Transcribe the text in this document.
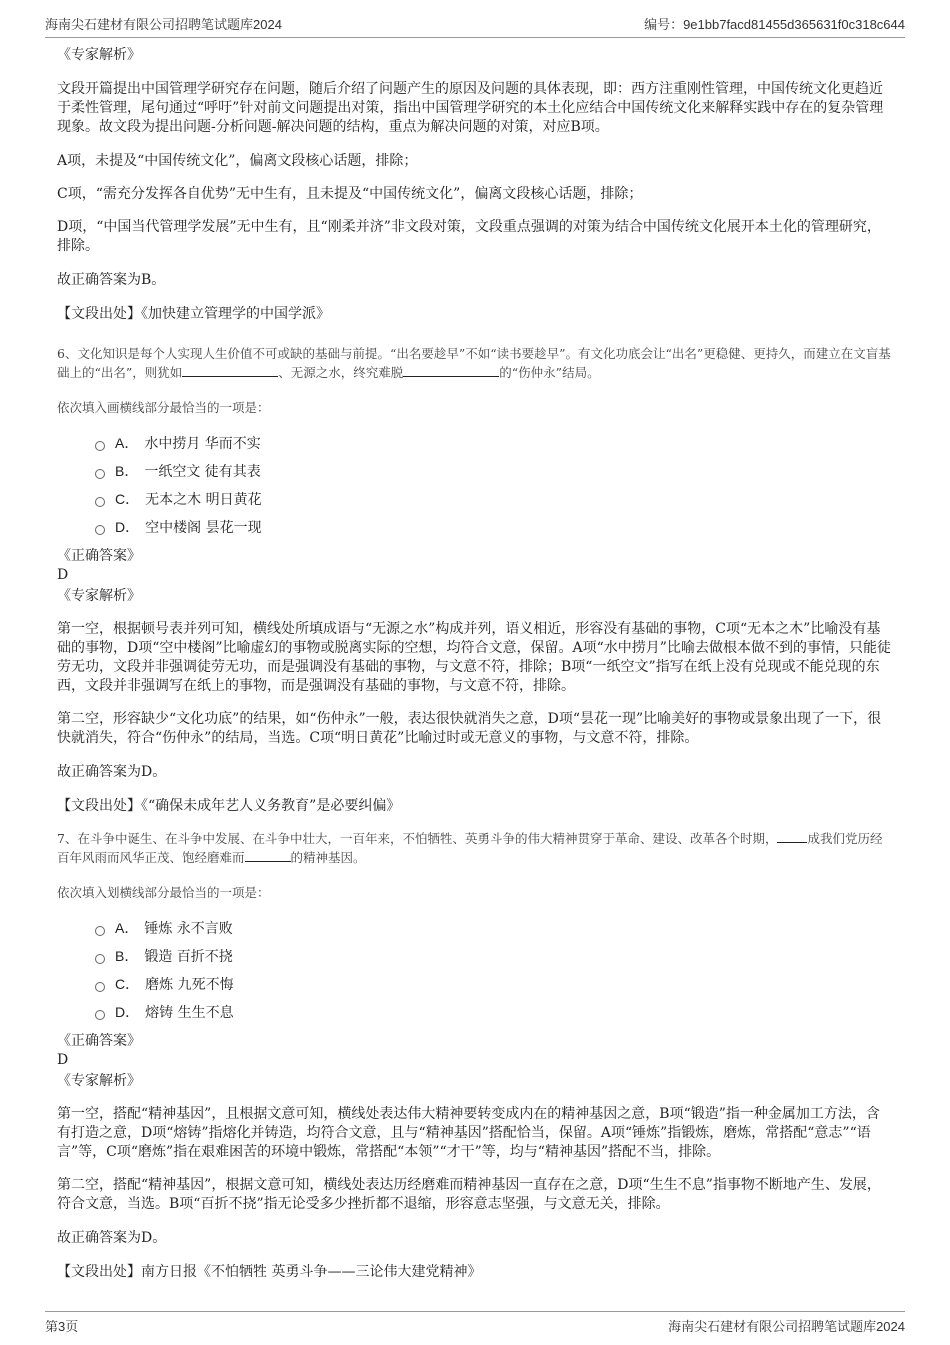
海南尖石建材有限公司招聘笔试题库2024	编号：9e1bb7facd81455d365631f0c318c644

《专家解析》

文段开篇提出中国管理学研究存在问题，随后介绍了问题产生的原因及问题的具体表现，即：西方注重刚性管理，中国传统文化更趋近于柔性管理，尾句通过“呼吁”针对前文问题提出对策，指出中国管理学研究的本土化应结合中国传统文化来解释实践中存在的复杂管理现象。故文段为提出问题-分析问题-解决问题的结构，重点为解决问题的对策，对应B项。

A项，未提及“中国传统文化”，偏离文段核心话题，排除；

C项，“需充分发挥各自优势”无中生有，且未提及“中国传统文化”，偏离文段核心话题，排除；

D项，“中国当代管理学发展”无中生有，且“刚柔并济”非文段对策，文段重点强调的对策为结合中国传统文化展开本土化的管理研究，排除。

故正确答案为B。

【文段出处】《加快建立管理学的中国学派》

6、文化知识是每个人实现人生价值不可或缺的基础与前提。“出名要趁早”不如“读书要趁早”。有文化功底会让“出名”更稳健、更持久，而建立在文盲基础上的“出名”，则犹如	、无源之水，终究难脱	的“伤仲永”结局。

依次填入画横线部分最恰当的一项是：

A． 水中捞月 华而不实
B． 一纸空文 徒有其表
C． 无本之木 明日黄花
D． 空中楼阁 昙花一现

《正确答案》

D

《专家解析》

第一空，根据顿号表并列可知，横线处所填成语与“无源之水”构成并列，语义相近，形容没有基础的事物，C项“无本之木”比喻没有基础的事物，D项“空中楼阁”比喻虚幻的事物或脱离实际的空想，均符合文意，保留。A项“水中捞月”比喻去做根本做不到的事情，只能徒劳无功，文段并非强调徒劳无功，而是强调没有基础的事物，与文意不符，排除；B项“一纸空文”指写在纸上没有兑现或不能兑现的东西，文段并非强调写在纸上的事物，而是强调没有基础的事物，与文意不符，排除。

第二空，形容缺少“文化功底”的结果，如“伤仲永”一般，表达很快就消失之意，D项“昙花一现”比喻美好的事物或景象出现了一下，很快就消失，符合“伤仲永”的结局，当选。C项“明日黄花”比喻过时或无意义的事物，与文意不符，排除。

故正确答案为D。

【文段出处】《“确保未成年艺人义务教育”是必要纠偏》

7、在斗争中诞生、在斗争中发展、在斗争中壮大，一百年来，不怕牺牲、英勇斗争的伟大精神贯穿于革命、建设、改革各个时期， 成我们党历经百年风雨而风华正茂、饱经磨难而	的精神基因。

依次填入划横线部分最恰当的一项是：

A． 锤炼 永不言败
B． 锻造 百折不挠
C． 磨炼 九死不悔
D． 熔铸 生生不息

《正确答案》

D

《专家解析》

第一空，搭配“精神基因”，且根据文意可知，横线处表达伟大精神要转变成内在的精神基因之意，B项“锻造”指一种金属加工方法，含有打造之意，D项“熔铸”指熔化并铸造，均符合文意，且与“精神基因”搭配恰当，保留。A项“锤炼”指锻炼，磨炼，常搭配“意志”“语言”等，C项“磨炼”指在艰难困苦的环境中锻炼，常搭配“本领”“才干”等，均与“精神基因”搭配不当，排除。

第二空，搭配“精神基因”，根据文意可知，横线处表达历经磨难而精神基因一直存在之意，D项“生生不息”指事物不断地产生、发展，符合文意，当选。B项“百折不挠”指无论受多少挫折都不退缩，形容意志坚强，与文意无关，排除。

故正确答案为D。

【文段出处】南方日报《不怕牺牲 英勇斗争——三论伟大建党精神》

第3页	海南尖石建材有限公司招聘笔试题库2024
